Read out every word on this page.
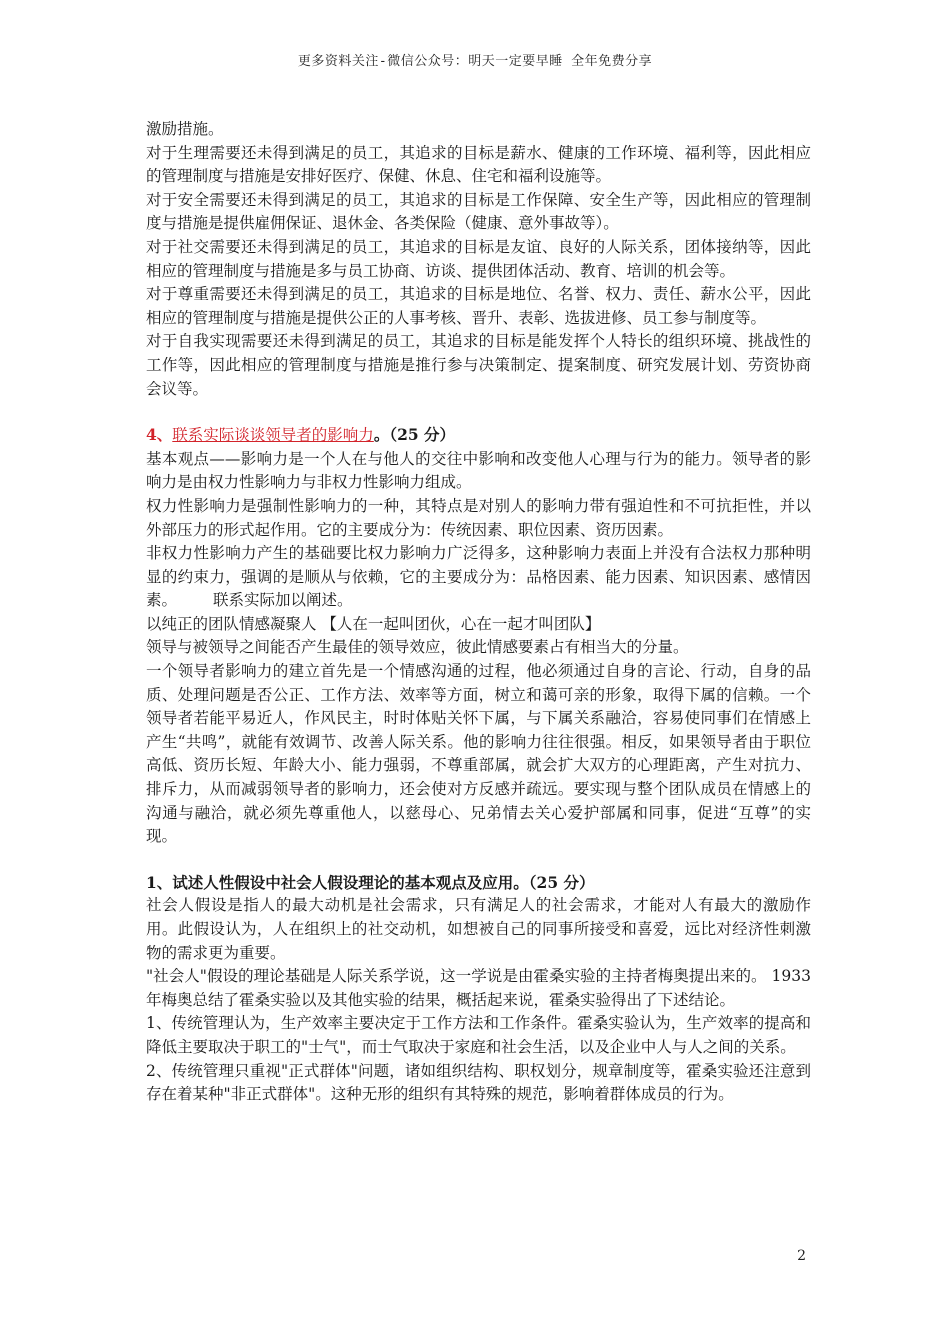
更多资料关注-微信公众号：明天一定要早睡 全年免费分享

激励措施。

对于生理需要还未得到满足的员工，其追求的目标是薪水、健康的工作环境、福利等，因此相应的管理制度与措施是安排好医疗、保健、休息、住宅和福利设施等。

对于安全需要还未得到满足的员工，其追求的目标是工作保障、安全生产等，因此相应的管理制度与措施是提供雇佣保证、退休金、各类保险（健康、意外事故等）。

对于社交需要还未得到满足的员工，其追求的目标是友谊、良好的人际关系，团体接纳等，因此相应的管理制度与措施是多与员工协商、访谈、提供团体活动、教育、培训的机会等。

对于尊重需要还未得到满足的员工，其追求的目标是地位、名誉、权力、责任、薪水公平，因此相应的管理制度与措施是提供公正的人事考核、晋升、表彰、选拔进修、员工参与制度等。

对于自我实现需要还未得到满足的员工，其追求的目标是能发挥个人特长的组织环境、挑战性的工作等，因此相应的管理制度与措施是推行参与决策制定、提案制度、研究发展计划、劳资协商会议等。

4、联系实际谈谈领导者的影响力。（25 分）

基本观点——影响力是一个人在与他人的交往中影响和改变他人心理与行为的能力。领导者的影响力是由权力性影响力与非权力性影响力组成。

权力性影响力是强制性影响力的一种，其特点是对别人的影响力带有强迫性和不可抗拒性，并以外部压力的形式起作用。它的主要成分为：传统因素、职位因素、资历因素。

非权力性影响力产生的基础要比权力影响力广泛得多，这种影响力表面上并没有合法权力那种明显的约束力，强调的是顺从与依赖，它的主要成分为：品格因素、能力因素、知识因素、感情因素。 联系实际加以阐述。

以纯正的团队情感凝聚人 【人在一起叫团伙，心在一起才叫团队】

领导与被领导之间能否产生最佳的领导效应，彼此情感要素占有相当大的分量。

一个领导者影响力的建立首先是一个情感沟通的过程，他必须通过自身的言论、行动，自身的品质、处理问题是否公正、工作方法、效率等方面，树立和蔼可亲的形象，取得下属的信赖。一个领导者若能平易近人，作风民主，时时体贴关怀下属，与下属关系融洽，容易使同事们在情感上产生“共鸣”，就能有效调节、改善人际关系。他的影响力往往很强。相反，如果领导者由于职位高低、资历长短、年龄大小、能力强弱，不尊重部属，就会扩大双方的心理距离，产生对抗力、排斥力，从而减弱领导者的影响力，还会使对方反感并疏远。要实现与整个团队成员在情感上的沟通与融洽，就必须先尊重他人，以慈母心、兄弟情去关心爱护部属和同事，促进“互尊”的实现。

1、试述人性假设中社会人假设理论的基本观点及应用。（25 分）

社会人假设是指人的最大动机是社会需求，只有满足人的社会需求，才能对人有最大的激励作用。此假设认为，人在组织上的社交动机，如想被自己的同事所接受和喜爱，远比对经济性刺激物的需求更为重要。

"社会人"假设的理论基础是人际关系学说，这一学说是由霍桑实验的主持者梅奥提出来的。 1933 年梅奥总结了霍桑实验以及其他实验的结果，概括起来说，霍桑实验得出了下述结论。

1、传统管理认为，生产效率主要决定于工作方法和工作条件。霍桑实验认为，生产效率的提高和降低主要取决于职工的"士气"，而士气取决于家庭和社会生活，以及企业中人与人之间的关系。

2、传统管理只重视"正式群体"问题，诸如组织结构、职权划分，规章制度等，霍桑实验还注意到存在着某种"非正式群体"。这种无形的组织有其特殊的规范，影响着群体成员的行为。

2
